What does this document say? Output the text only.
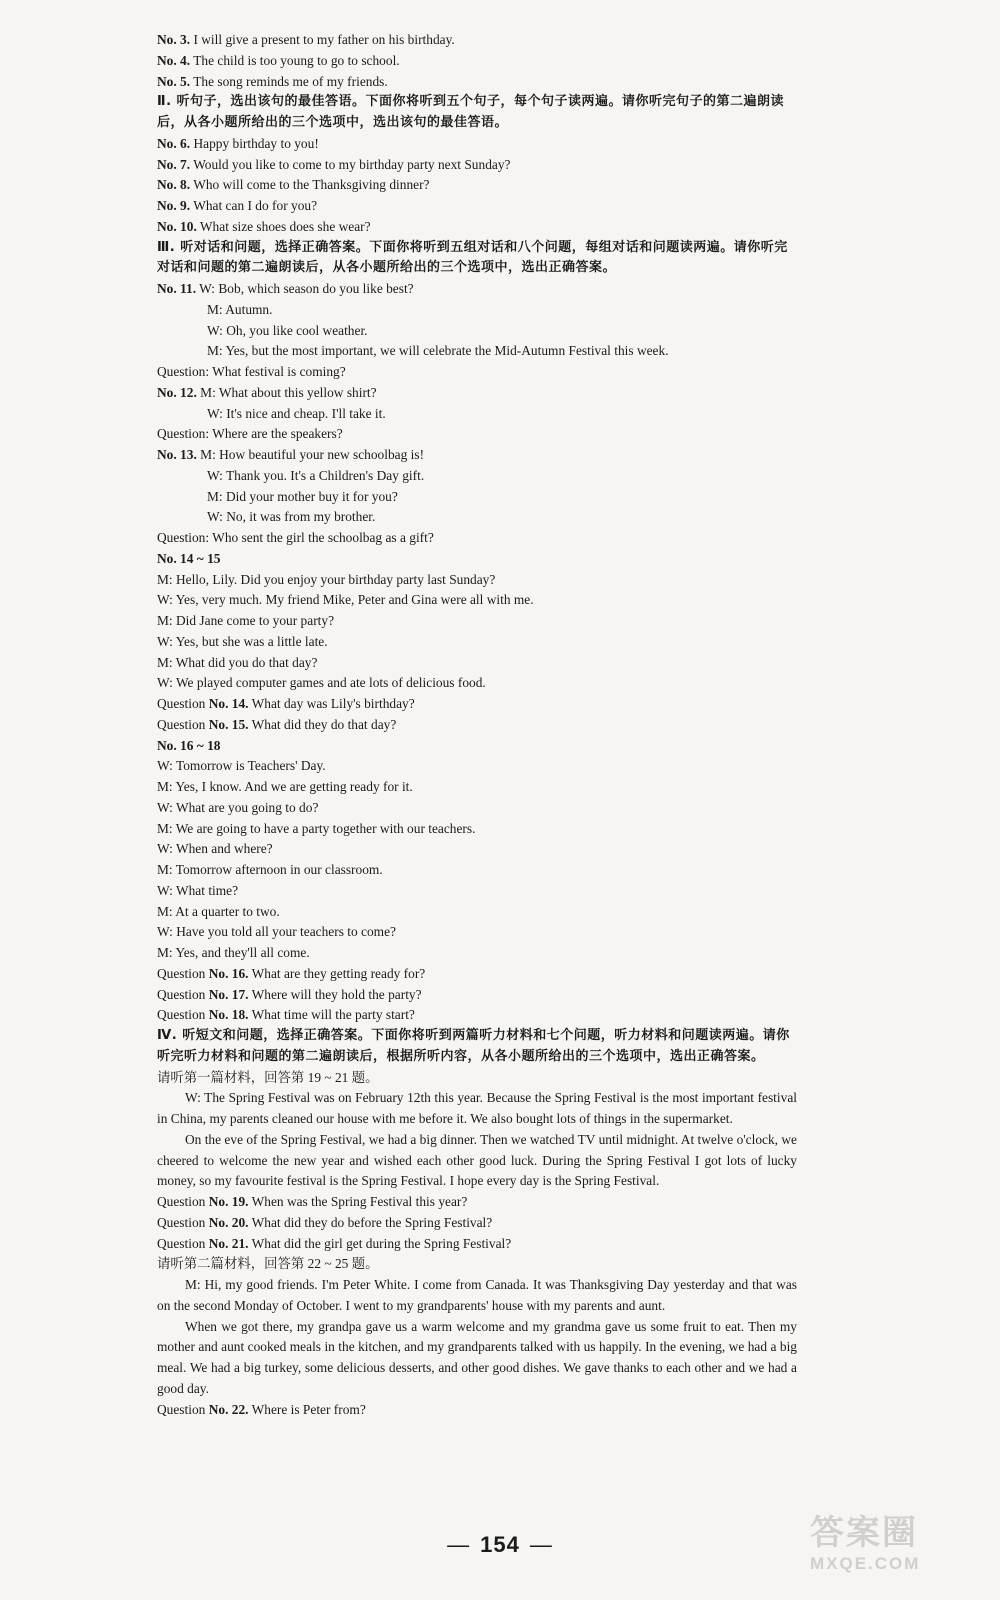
No. 3. I will give a present to my father on his birthday.
No. 4. The child is too young to go to school.
No. 5. The song reminds me of my friends.
Ⅱ. 听句子，选出该句的最佳答语。下面你将听到五个句子，每个句子读两遍。请你听完句子的第二遍朗读后，从各小题所给出的三个选项中，选出该句的最佳答语。
No. 6. Happy birthday to you!
No. 7. Would you like to come to my birthday party next Sunday?
No. 8. Who will come to the Thanksgiving dinner?
No. 9. What can I do for you?
No. 10. What size shoes does she wear?
Ⅲ. 听对话和问题，选择正确答案。下面你将听到五组对话和八个问题，每组对话和问题读两遍。请你听完对话和问题的第二遍朗读后，从各小题所给出的三个选项中，选出正确答案。
No. 11. W: Bob, which season do you like best?
M: Autumn.
W: Oh, you like cool weather.
M: Yes, but the most important, we will celebrate the Mid-Autumn Festival this week.
Question: What festival is coming?
No. 12. M: What about this yellow shirt?
W: It's nice and cheap. I'll take it.
Question: Where are the speakers?
No. 13. M: How beautiful your new schoolbag is!
W: Thank you. It's a Children's Day gift.
M: Did your mother buy it for you?
W: No, it was from my brother.
Question: Who sent the girl the schoolbag as a gift?
No. 14 ~ 15
M: Hello, Lily. Did you enjoy your birthday party last Sunday?
W: Yes, very much. My friend Mike, Peter and Gina were all with me.
M: Did Jane come to your party?
W: Yes, but she was a little late.
M: What did you do that day?
W: We played computer games and ate lots of delicious food.
Question No. 14. What day was Lily's birthday?
Question No. 15. What did they do that day?
No. 16 ~ 18
W: Tomorrow is Teachers' Day.
M: Yes, I know. And we are getting ready for it.
W: What are you going to do?
M: We are going to have a party together with our teachers.
W: When and where?
M: Tomorrow afternoon in our classroom.
W: What time?
M: At a quarter to two.
W: Have you told all your teachers to come?
M: Yes, and they'll all come.
Question No. 16. What are they getting ready for?
Question No. 17. Where will they hold the party?
Question No. 18. What time will the party start?
Ⅳ. 听短文和问题，选择正确答案。下面你将听到两篇听力材料和七个问题，听力材料和问题读两遍。请你听完听力材料和问题的第二遍朗读后，根据所听内容，从各小题所给出的三个选项中，选出正确答案。
请听第一篇材料，回答第 19 ~ 21 题。
W: The Spring Festival was on February 12th this year. Because the Spring Festival is the most important festival in China, my parents cleaned our house with me before it. We also bought lots of things in the supermarket.
On the eve of the Spring Festival, we had a big dinner. Then we watched TV until midnight. At twelve o'clock, we cheered to welcome the new year and wished each other good luck. During the Spring Festival I got lots of lucky money, so my favourite festival is the Spring Festival. I hope every day is the Spring Festival.
Question No. 19. When was the Spring Festival this year?
Question No. 20. What did they do before the Spring Festival?
Question No. 21. What did the girl get during the Spring Festival?
请听第二篇材料，回答第 22 ~ 25 题。
M: Hi, my good friends. I'm Peter White. I come from Canada. It was Thanksgiving Day yesterday and that was on the second Monday of October. I went to my grandparents' house with my parents and aunt.
When we got there, my grandpa gave us a warm welcome and my grandma gave us some fruit to eat. Then my mother and aunt cooked meals in the kitchen, and my grandparents talked with us happily. In the evening, we had a big meal. We had a big turkey, some delicious desserts, and other good dishes. We gave thanks to each other and we had a good day.
Question No. 22. Where is Peter from?
— 154 —	答案圈
MXQE.COM
